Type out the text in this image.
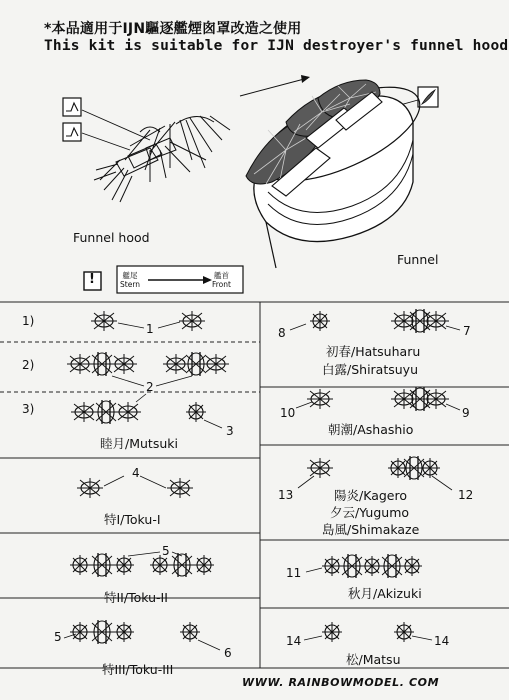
*本品適用于IJN驅逐艦煙囪罩改造之使用
This kit is suitable for IJN destroyer's funnel hood
Funnel hood
Funnel
!	艦尾
Stern
艦首
Front
1)
1
2)
2
3)
3
睦月/Mutsuki
4
特I/Toku-I
5
特II/Toku-II
5
6
特III/Toku-III
8	7
初春/Hatsuharu
白露/Shiratsuyu
10	9
朝潮/Ashashio
13	12
陽炎/Kagero
夕云/Yugumo
島風/Shimakaze
11
秋月/Akizuki
14	14
松/Matsu
WWW. RAINBOWMODEL. COM
